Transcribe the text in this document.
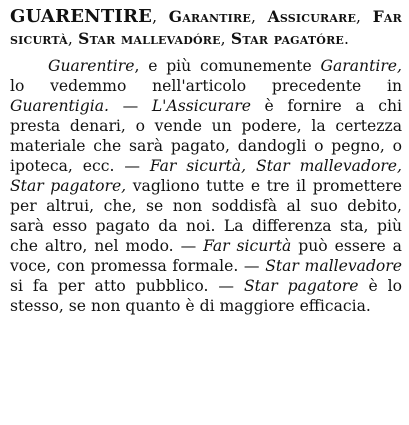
GUARENTIRE, Garantire, Assicurare, Far sicurtà, Star mallevadóre, Star pagatóre.

Guarentire, e più comunemente Garantire, lo vedemmo nell'articolo precedente in Guarentigia. — L'Assicurare è fornire a chi presta denari, o vende un podere, la certezza materiale che sarà pagato, dandogli o pegno, o ipoteca, ecc. — Far sicurtà, Star mallevadore, Star pagatore, vagliono tutte e tre il promettere per altrui, che, se non soddisfà al suo debito, sarà esso pagato da noi. La differenza sta, più che altro, nel modo. — Far sicurtà può essere a voce, con promessa formale. — Star mallevadore si fa per atto pubblico. — Star pagatore è lo stesso, se non quanto è di maggiore efficacia.
